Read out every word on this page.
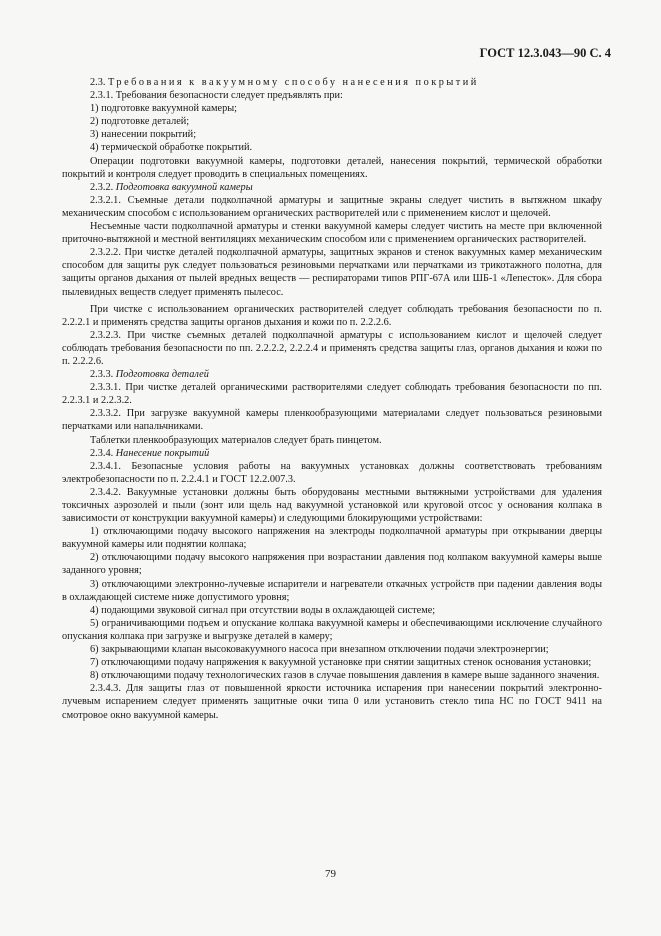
ГОСТ 12.3.043—90 С. 4

2.3. Требования к вакуумному способу нанесения покрытий

2.3.1. Требования безопасности следует предъявлять при:

1) подготовке вакуумной камеры;

2) подготовке деталей;

3) нанесении покрытий;

4) термической обработке покрытий.

Операции подготовки вакуумной камеры, подготовки деталей, нанесения покрытий, термической обработки покрытий и контроля следует проводить в специальных помещениях.

2.3.2. Подготовка вакуумной камеры

2.3.2.1. Съемные детали подколпачной арматуры и защитные экраны следует чистить в вытяжном шкафу механическим способом с использованием органических растворителей или с применением кислот и щелочей.

Несъемные части подколпачной арматуры и стенки вакуумной камеры следует чистить на месте при включенной приточно-вытяжной и местной вентиляциях механическим способом или с применением органических растворителей.

2.3.2.2. При чистке деталей подколпачной арматуры, защитных экранов и стенок вакуумных камер механическим способом для защиты рук следует пользоваться резиновыми перчатками или перчатками из трикотажного полотна, для защиты органов дыхания от пылей вредных веществ — респираторами типов РПГ-67А или ШБ-1 «Лепесток». Для сбора пылевидных веществ следует применять пылесос.

При чистке с использованием органических растворителей следует соблюдать требования безопасности по п. 2.2.2.1 и применять средства защиты органов дыхания и кожи по п. 2.2.2.6.

2.3.2.3. При чистке съемных деталей подколпачной арматуры с использованием кислот и щелочей следует соблюдать требования безопасности по пп. 2.2.2.2, 2.2.2.4 и применять средства защиты глаз, органов дыхания и кожи по п. 2.2.2.6.

2.3.3. Подготовка деталей

2.3.3.1. При чистке деталей органическими растворителями следует соблюдать требования безопасности по пп. 2.2.3.1 и 2.2.3.2.

2.3.3.2. При загрузке вакуумной камеры пленкообразующими материалами следует пользоваться резиновыми перчатками или напальчниками.

Таблетки пленкообразующих материалов следует брать пинцетом.

2.3.4. Нанесение покрытий

2.3.4.1. Безопасные условия работы на вакуумных установках должны соответствовать требованиям электробезопасности по п. 2.2.4.1 и ГОСТ 12.2.007.3.

2.3.4.2. Вакуумные установки должны быть оборудованы местными вытяжными устройствами для удаления токсичных аэрозолей и пыли (зонт или щель над вакуумной установкой или круговой отсос у основания колпака в зависимости от конструкции вакуумной камеры) и следующими блокирующими устройствами:

1) отключающими подачу высокого напряжения на электроды подколпачной арматуры при открывании дверцы вакуумной камеры или поднятии колпака;

2) отключающими подачу высокого напряжения при возрастании давления под колпаком вакуумной камеры выше заданного уровня;

3) отключающими электронно-лучевые испарители и нагреватели откачных устройств при падении давления воды в охлаждающей системе ниже допустимого уровня;

4) подающими звуковой сигнал при отсутствии воды в охлаждающей системе;

5) ограничивающими подъем и опускание колпака вакуумной камеры и обеспечивающими исключение случайного опускания колпака при загрузке и выгрузке деталей в камеру;

6) закрывающими клапан высоковакуумного насоса при внезапном отключении подачи электроэнергии;

7) отключающими подачу напряжения к вакуумной установке при снятии защитных стенок основания установки;

8) отключающими подачу технологических газов в случае повышения давления в камере выше заданного значения.

2.3.4.3. Для защиты глаз от повышенной яркости источника испарения при нанесении покрытий электронно-лучевым испарением следует применять защитные очки типа 0 или установить стекло типа НС по ГОСТ 9411 на смотровое окно вакуумной камеры.

79
